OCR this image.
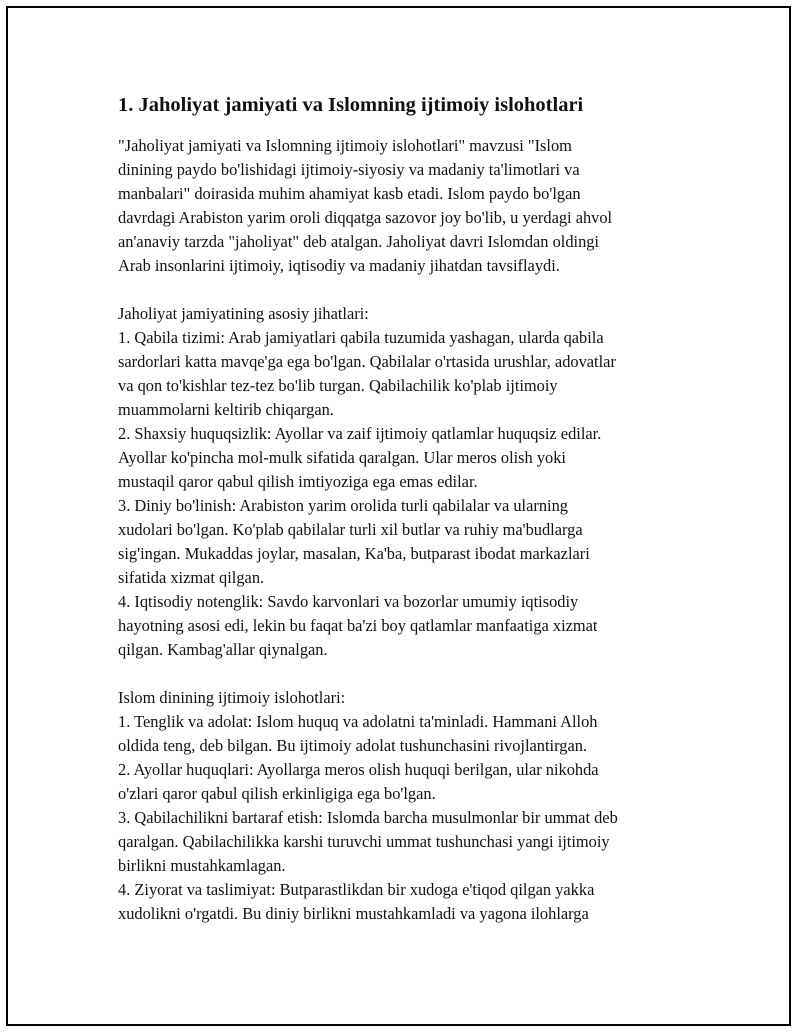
1. Jaholiyat jamiyati va Islomning ijtimoiy islohotlari
"Jaholiyat jamiyati va Islomning ijtimoiy islohotlari" mavzusi "Islom
dinining paydo bo'lishidagi ijtimoiy-siyosiy va madaniy ta'limotlari va
manbalari" doirasida muhim ahamiyat kasb etadi. Islom paydo bo'lgan
davrdagi Arabiston yarim oroli diqqatga sazovor joy bo'lib, u yerdagi ahvol
an'anaviy tarzda "jaholiyat" deb atalgan. Jaholiyat davri Islomdan oldingi
Arab insonlarini ijtimoiy, iqtisodiy va madaniy jihatdan tavsiflaydi.
Jaholiyat jamiyatining asosiy jihatlari:
1. Qabila tizimi: Arab jamiyatlari qabila tuzumida yashagan, ularda qabila
sardorlari katta mavqe'ga ega bo'lgan. Qabilalar o'rtasida urushlar, adovatlar
va qon to'kishlar tez-tez bo'lib turgan. Qabilachilik ko'plab ijtimoiy
muammolarni keltirib chiqargan.
2. Shaxsiy huquqsizlik: Ayollar va zaif ijtimoiy qatlamlar huquqsiz edilar.
Ayollar ko'pincha mol-mulk sifatida qaralgan. Ular meros olish yoki
mustaqil qaror qabul qilish imtiyoziga ega emas edilar.
3. Diniy bo'linish: Arabiston yarim orolida turli qabilalar va ularning
xudolari bo'lgan. Ko'plab qabilalar turli xil butlar va ruhiy ma'budlarga
sig'ingan. Mukaddas joylar, masalan, Ka'ba, butparast ibodat markazlari
sifatida xizmat qilgan.
4. Iqtisodiy notenglik: Savdo karvonlari va bozorlar umumiy iqtisodiy
hayotning asosi edi, lekin bu faqat ba'zi boy qatlamlar manfaatiga xizmat
qilgan. Kambag'allar qiynalgan.
Islom dinining ijtimoiy islohotlari:
1. Tenglik va adolat: Islom huquq va adolatni ta'minladi. Hammani Alloh
oldida teng, deb bilgan. Bu ijtimoiy adolat tushunchasini rivojlantirgan.
2. Ayollar huquqlari: Ayollarga meros olish huquqi berilgan, ular nikohda
o'zlari qaror qabul qilish erkinligiga ega bo'lgan.
3. Qabilachilikni bartaraf etish: Islomda barcha musulmonlar bir ummat deb
qaralgan. Qabilachilikka karshi turuvchi ummat tushunchasi yangi ijtimoiy
birlikni mustahkamlagan.
4. Ziyorat va taslimiyat: Butparastlikdan bir xudoga e'tiqod qilgan yakka
xudolikni o'rgatdi. Bu diniy birlikni mustahkamladi va yagona ilohlarga
